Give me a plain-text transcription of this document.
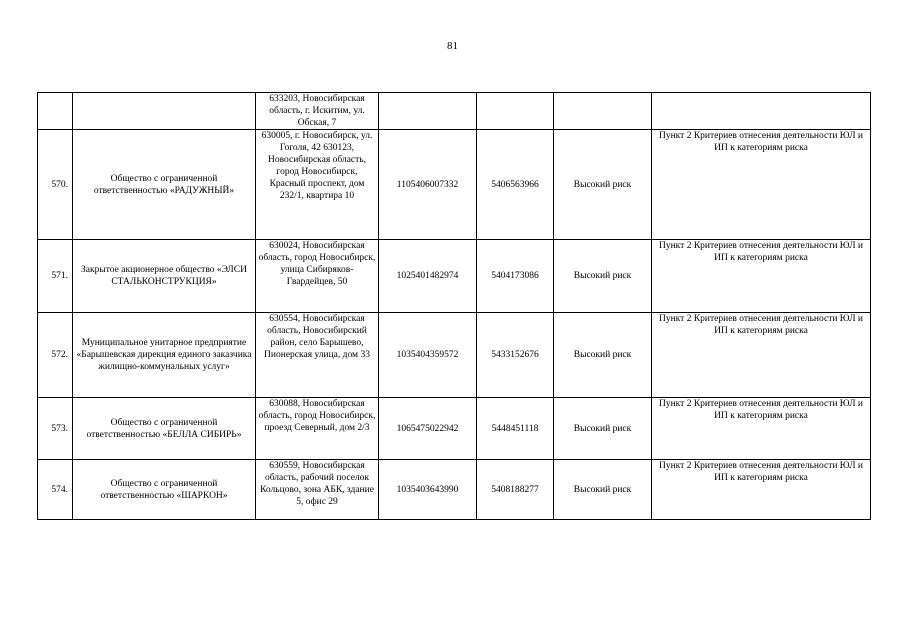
81
		633203, Новосибирская область, г. Искитим, ул. Обская, 7				
570.	Общество с ограниченной ответственностью «РАДУЖНЫЙ»	630005, г. Новосибирск, ул. Гоголя, 42 630123, Новосибирская область, город Новосибирск, Красный проспект, дом 232/1, квартира 10	1105406007332	5406563966	Высокий риск	Пункт 2 Критериев отнесения деятельности ЮЛ и ИП к категориям риска
571.	Закрытое акционерное общество «ЭЛСИ СТАЛЬКОНСТРУКЦИЯ»	630024, Новосибирская область, город Новосибирск, улица Сибиряков-Гвардейцев, 50	1025401482974	5404173086	Высокий риск	Пункт 2 Критериев отнесения деятельности ЮЛ и ИП к категориям риска
572.	Муниципальное унитарное предприятие «Барышевская дирекция единого заказчика жилищно-коммунальных услуг»	630554, Новосибирская область, Новосибирский район, село Барышево, Пионерская улица, дом 33	1035404359572	5433152676	Высокий риск	Пункт 2 Критериев отнесения деятельности ЮЛ и ИП к категориям риска
573.	Общество с ограниченной ответственностью «БЕЛЛА СИБИРЬ»	630088, Новосибирская область, город Новосибирск, проезд Северный, дом 2/3	1065475022942	5448451118	Высокий риск	Пункт 2 Критериев отнесения деятельности ЮЛ и ИП к категориям риска
574.	Общество с ограниченной ответственностью «ШАРКОН»	630559, Новосибирская область, рабочий поселок Кольцово, зона АБК, здание 5, офис 29	1035403643990	5408188277	Высокий риск	Пункт 2 Критериев отнесения деятельности ЮЛ и ИП к категориям риска
